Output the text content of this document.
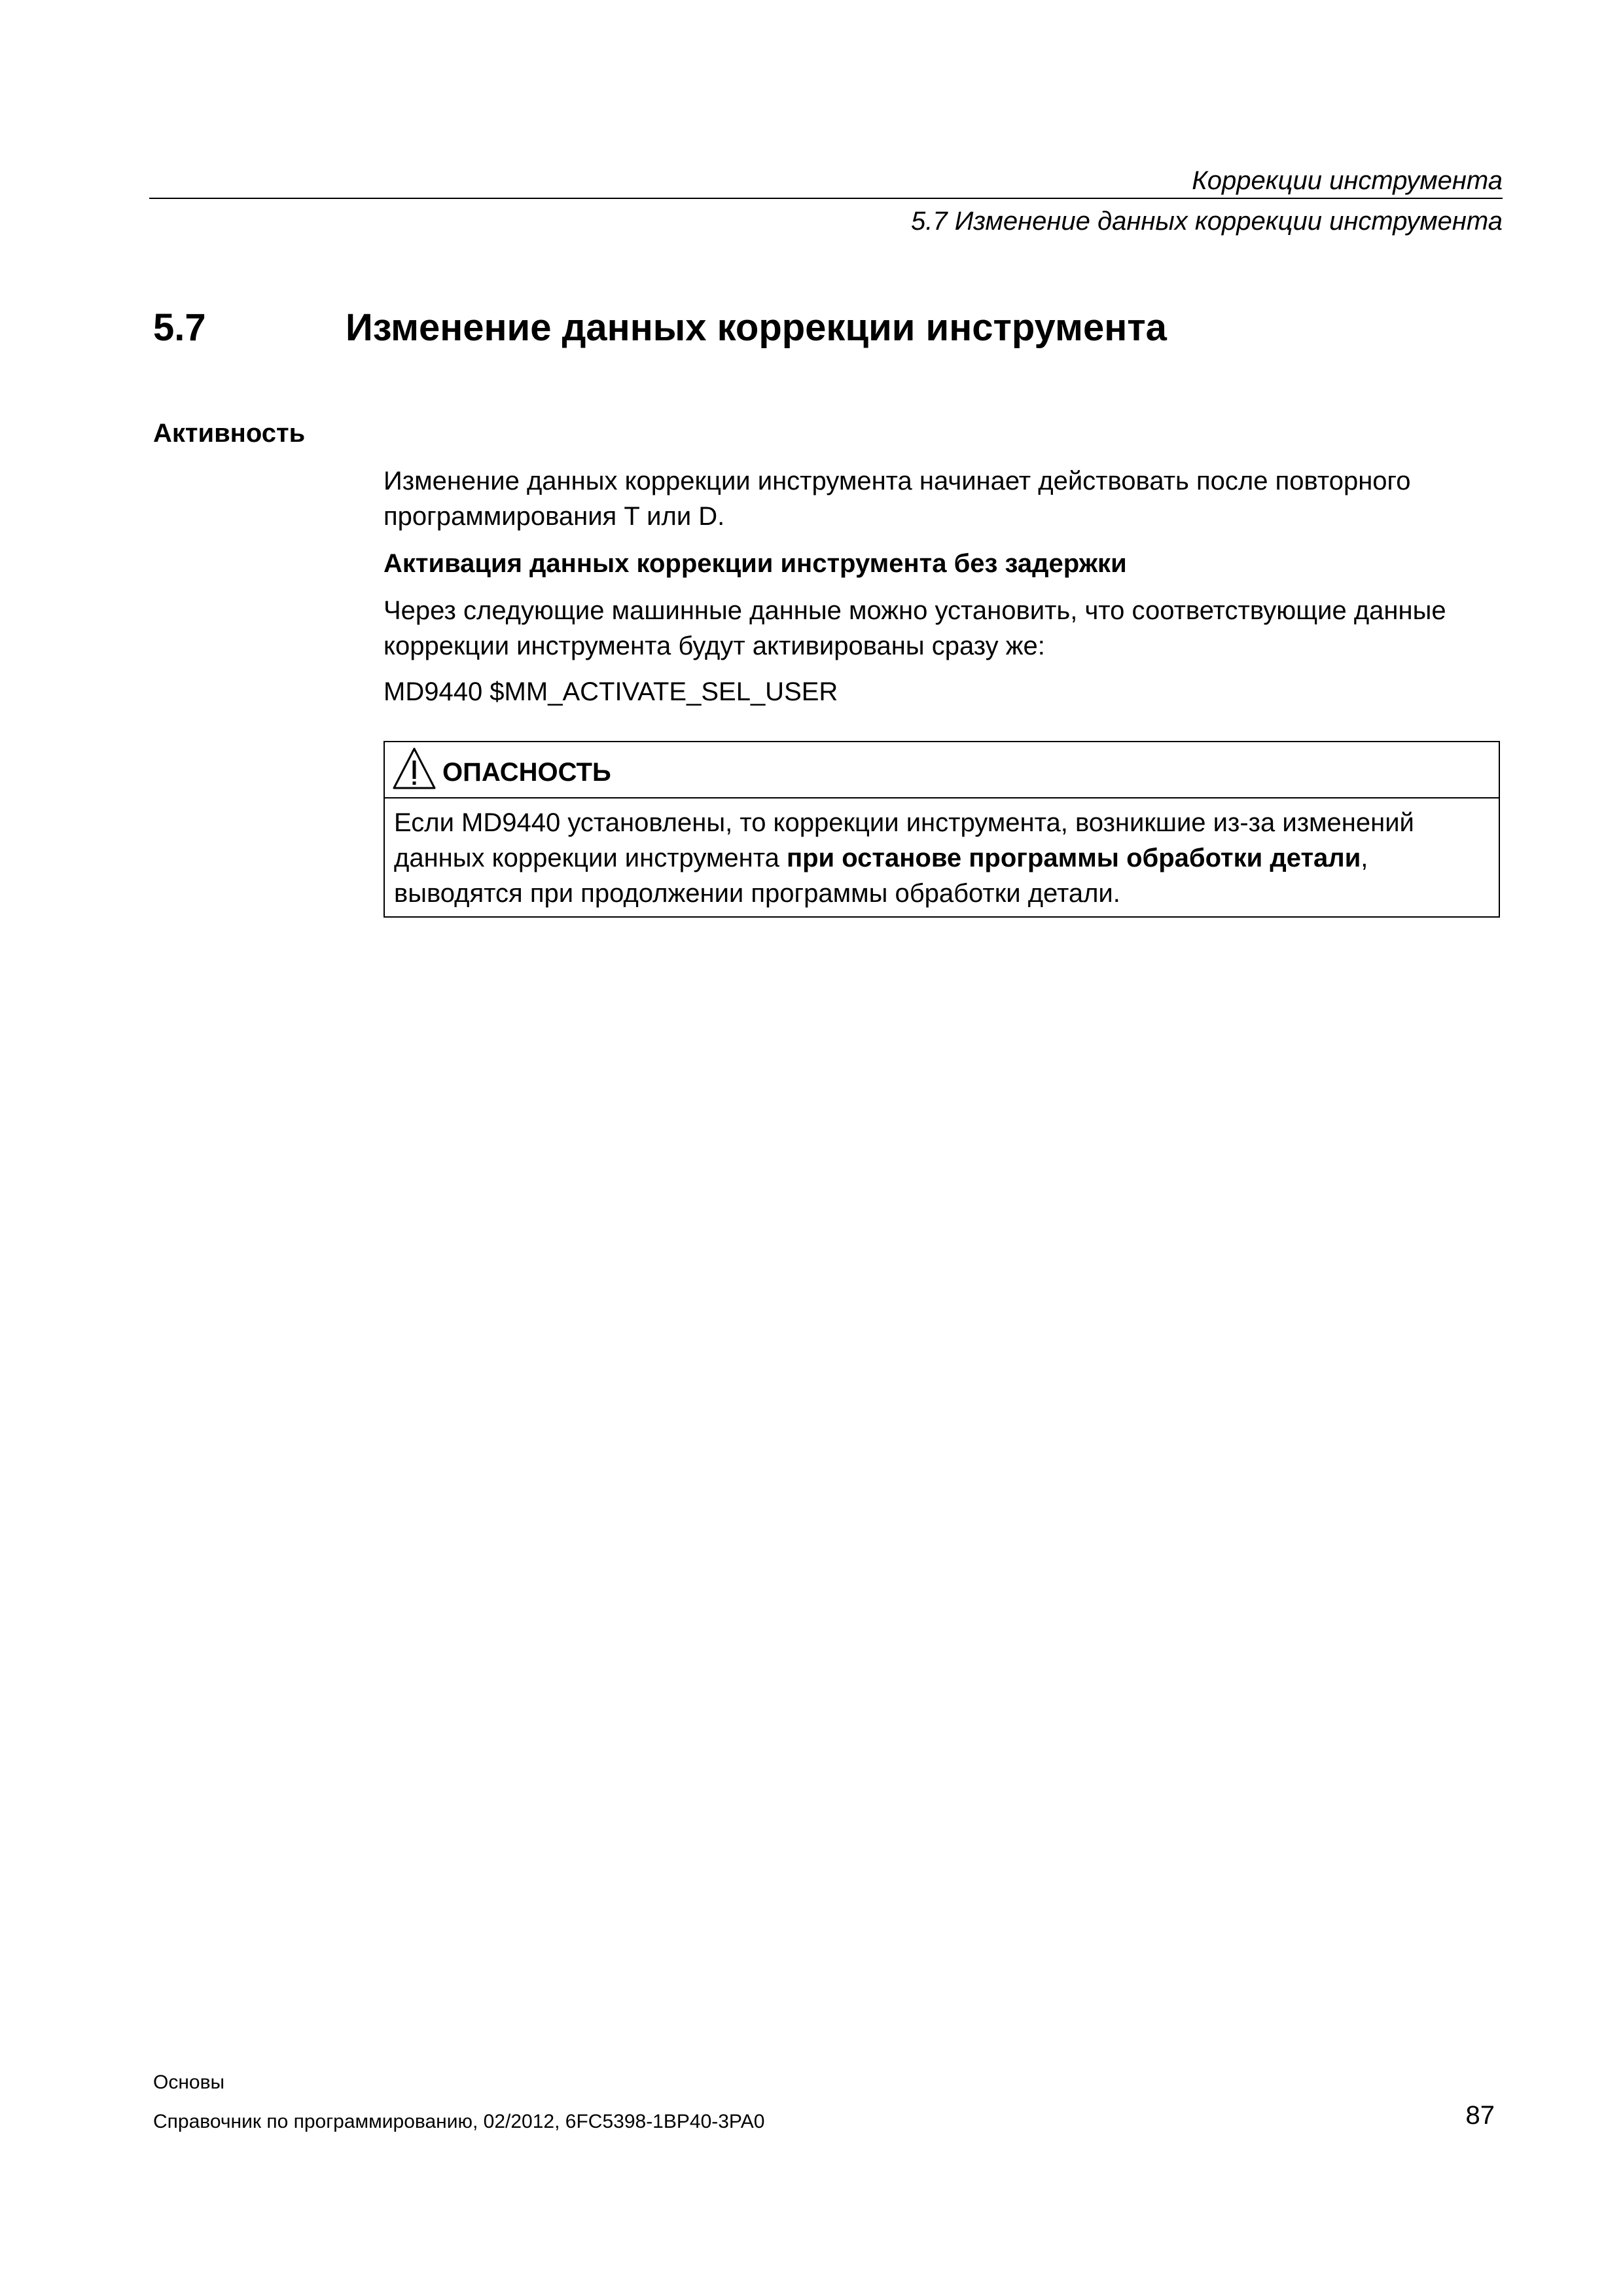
Коррекции инструмента
5.7 Изменение данных коррекции инструмента
5.7	Изменение данных коррекции инструмента
Активность
Изменение данных коррекции инструмента начинает действовать после повторного программирования T или D.
Активация данных коррекции инструмента без задержки
Через следующие машинные данные можно установить, что соответствующие данные коррекции инструмента будут активированы сразу же:
MD9440 $MM_ACTIVATE_SEL_USER
ОПАСНОСТЬ
Если MD9440 установлены, то коррекции инструмента, возникшие из-за изменений данных коррекции инструмента при останове программы обработки детали, выводятся при продолжении программы обработки детали.
Основы
Справочник по программированию, 02/2012, 6FC5398-1BP40-3PA0	87
